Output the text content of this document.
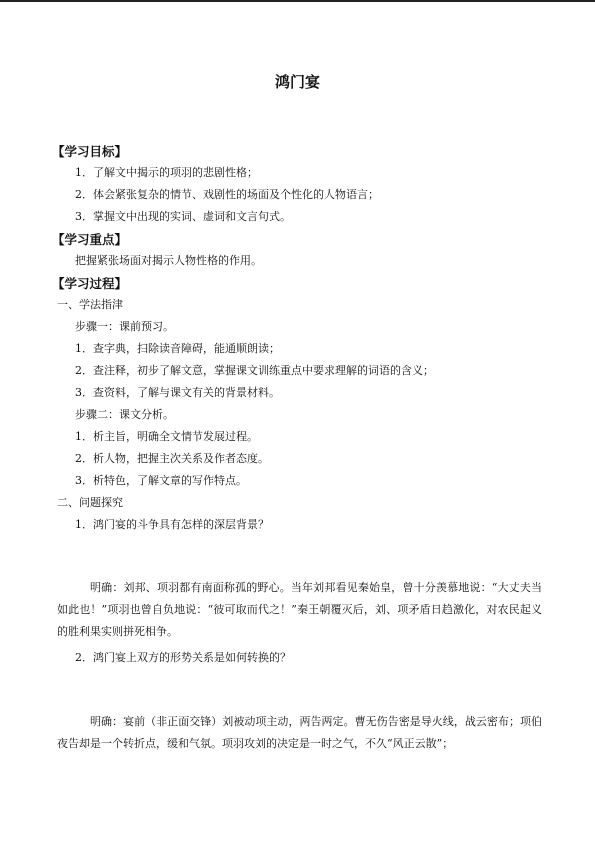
鸿门宴
【学习目标】
1．了解文中揭示的项羽的悲剧性格；
2．体会紧张复杂的情节、戏剧性的场面及个性化的人物语言；
3．掌握文中出现的实词、虚词和文言句式。
【学习重点】
把握紧张场面对揭示人物性格的作用。
【学习过程】
一、学法指津
步骤一：课前预习。
1．查字典，扫除读音障碍，能通顺朗读；
2．查注释，初步了解文意，掌握课文训练重点中要求理解的词语的含义；
3．查资料，了解与课文有关的背景材料。
步骤二：课文分析。
1．析主旨，明确全文情节发展过程。
2．析人物，把握主次关系及作者态度。
3．析特色，了解文章的写作特点。
二、问题探究
1．鸿门宴的斗争具有怎样的深层背景？
明确：刘邦、项羽都有南面称孤的野心。当年刘邦看见秦始皇，曾十分羡慕地说：“大丈夫当如此也！”项羽也曾自负地说：“彼可取而代之！”秦王朝覆灭后，刘、项矛盾日趋激化，对农民起义的胜利果实则拼死相争。
2．鸿门宴上双方的形势关系是如何转换的？
明确：宴前（非正面交锋）刘被动项主动，两告两定。曹无伤告密是导火线，战云密布；项伯夜告却是一个转折点，缓和气氛。项羽攻刘的决定是一时之气，不久“风正云散”；
